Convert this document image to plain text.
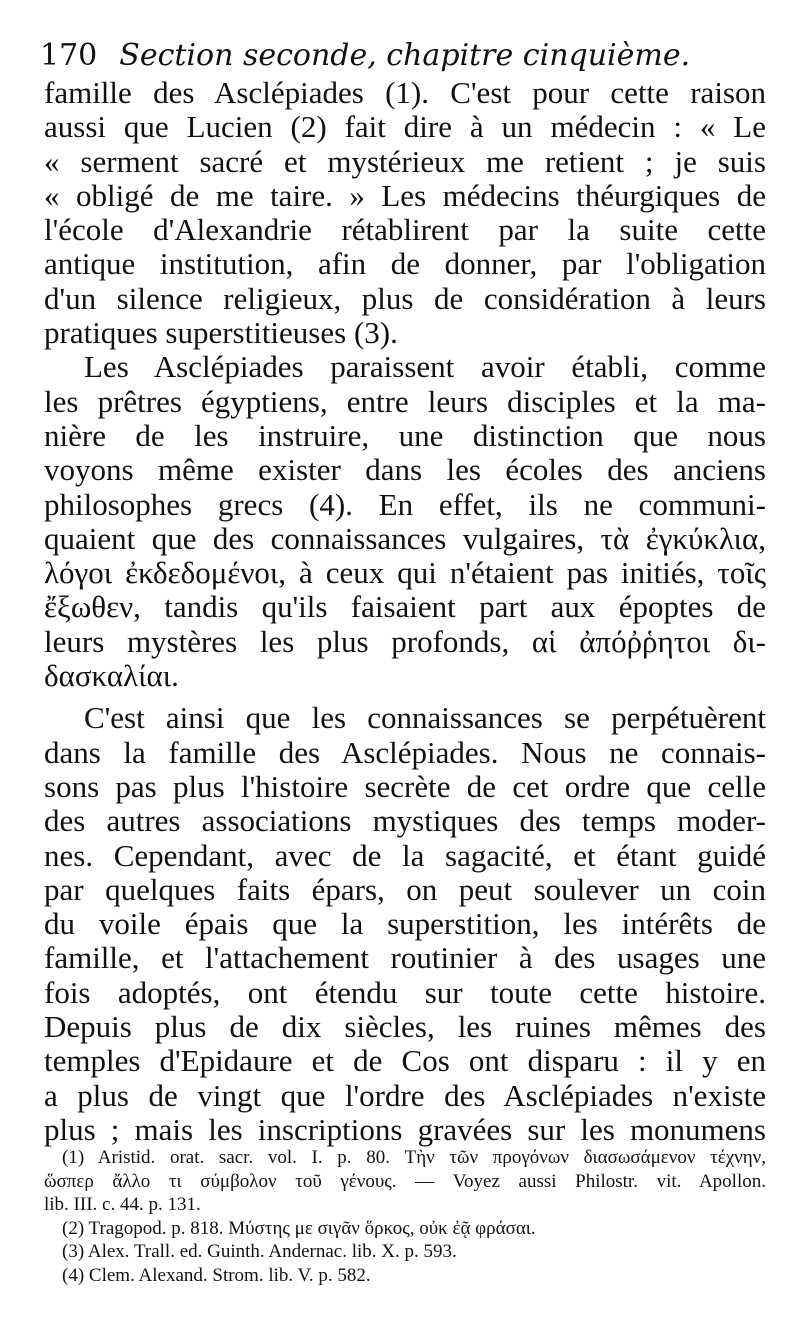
170 Section seconde, chapitre cinquième.
famille des Asclépiades (1). C'est pour cette raison
aussi que Lucien (2) fait dire à un médecin : « Le
« serment sacré et mystérieux me retient ; je suis
« obligé de me taire. » Les médecins théurgiques de
l'école d'Alexandrie rétablirent par la suite cette
antique institution, afin de donner, par l'obligation
d'un silence religieux, plus de considération à leurs
pratiques superstitieuses (3).
Les Asclépiades paraissent avoir établi, comme
les prêtres égyptiens, entre leurs disciples et la ma-
nière de les instruire, une distinction que nous
voyons même exister dans les écoles des anciens
philosophes grecs (4). En effet, ils ne communi-
quaient que des connaissances vulgaires, τὰ ἐγκύκλια,
λόγοι ἐκδεδομένοι, à ceux qui n'étaient pas initiés, τοῖς
ἔξωθεν, tandis qu'ils faisaient part aux époptes de
leurs mystères les plus profonds, αἱ ἀπόῤῥητοι δι-
δασκαλίαι.
C'est ainsi que les connaissances se perpétuèrent
dans la famille des Asclépiades. Nous ne connais-
sons pas plus l'histoire secrète de cet ordre que celle
des autres associations mystiques des temps moder-
nes. Cependant, avec de la sagacité, et étant guidé
par quelques faits épars, on peut soulever un coin
du voile épais que la superstition, les intérêts de
famille, et l'attachement routinier à des usages une
fois adoptés, ont étendu sur toute cette histoire.
Depuis plus de dix siècles, les ruines mêmes des
temples d'Epidaure et de Cos ont disparu : il y en
a plus de vingt que l'ordre des Asclépiades n'existe
plus ; mais les inscriptions gravées sur les monumens
(1) Aristid. orat. sacr. vol. I. p. 80. Τὴν τῶν προγόνων διασωσάμενον τέχνην,
ὥσπερ ἄλλο τι σύμβολον τοῦ γένους. — Voyez aussi Philostr. vit. Apollon.
lib. III. c. 44. p. 131.
(2) Tragopod. p. 818. Μύστης με σιγᾶν ὅρκος, οὐκ ἐᾷ φράσαι.
(3) Alex. Trall. ed. Guinth. Andernac. lib. X. p. 593.
(4) Clem. Alexand. Strom. lib. V. p. 582.
